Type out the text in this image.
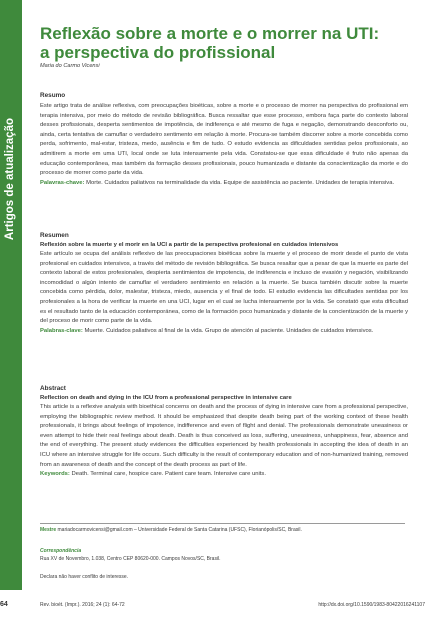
Artigos de atualização
Reflexão sobre a morte e o morrer na UTI:
a perspectiva do profissional
Maria do Carmo Vicensi

Resumo

Este artigo trata de análise reflexiva, com preocupações bioéticas, sobre a morte e o processo de morrer na perspectiva do profissional em terapia intensiva, por meio do método de revisão bibliográfica. Busca ressaltar que esse processo, embora faça parte do contexto laboral desses profissionais, desperta sentimentos de impotência, de indiferença e até mesmo de fuga e negação, demonstrando desconforto ou, ainda, certa tentativa de camuflar o verdadeiro sentimento em relação à morte. Procura-se também discorrer sobre a morte concebida como perda, sofrimento, mal-estar, tristeza, medo, ausência e fim de tudo. O estudo evidencia as dificuldades sentidas pelos profissionais, ao admitirem a morte em uma UTI, local onde se luta intensamente pela vida. Constatou-se que essa dificuldade é fruto não apenas da educação contemporânea, mas também da formação desses profissionais, pouco humanizada e distante da conscientização da morte e do processo de morrer como parte da vida.

Palavras-chave: Morte. Cuidados paliativos na terminalidade da vida. Equipe de assistência ao paciente. Unidades de terapia intensiva.

Resumen

Reflexión sobre la muerte y el morir en la UCI a partir de la perspectiva profesional en cuidados intensivos

Este artículo se ocupa del análisis reflexivo de las preocupaciones bioéticas sobre la muerte y el proceso de morir desde el punto de vista profesional en cuidados intensivos, a través del método de revisión bibliográfica. Se busca resaltar que a pesar de que la muerte es parte del contexto laboral de estos profesionales, despierta sentimientos de impotencia, de indiferencia e incluso de evasión y negación, visibilizando incomodidad o algún intento de camuflar el verdadero sentimiento en relación a la muerte. Se busca también discutir sobre la muerte concebida como pérdida, dolor, malestar, tristeza, miedo, ausencia y el final de todo. El estudio evidencia las dificultades sentidas por los profesionales a la hora de verificar la muerte en una UCI, lugar en el cual se lucha intensamente por la vida. Se constató que esta dificultad es el resultado tanto de la educación contemporánea, como de la formación poco humanizada y distante de la concientización de la muerte y del proceso de morir como parte de la vida.

Palabras-clave: Muerte. Cuidados paliativos al final de la vida. Grupo de atención al paciente. Unidades de cuidados intensivos.

Abstract

Reflection on death and dying in the ICU from a professional perspective in intensive care

This article is a reflexive analysis with bioethical concerns on death and the process of dying in intensive care from a professional perspective, employing the bibliographic review method. It should be emphasized that despite death being part of the working context of these health professionals, it brings about feelings of impotence, indifference and even of flight and denial. The professionals demonstrate uneasiness or even attempt to hide their real feelings about death. Death is thus conceived as loss, suffering, uneasiness, unhappiness, fear, absence and the end of everything. The present study evidences the difficulties experienced by health professionals in accepting the idea of death in an ICU where an intensive struggle for life occurs. Such difficulty is the result of contemporary education and of non-humanized training, removed from an awareness of death and the concept of the death process as part of life.

Keywords: Death. Terminal care, hospice care. Patient care team. Intensive care units.

Mestre mariadocarmovicensi@gmail.com – Universidade Federal de Santa Catarina (UFSC), Florianópolis/SC, Brasil.
Correspondência
Rua XV de Novembro, 1.038, Centro CEP 80620-000. Campos Novos/SC, Brasil.
Declara não haver conflito de interesse.
64	Rev. bioét. (Impr.). 2016; 24 (1): 64-72	http://dx.doi.org/10.1590/1983-80422016241107
